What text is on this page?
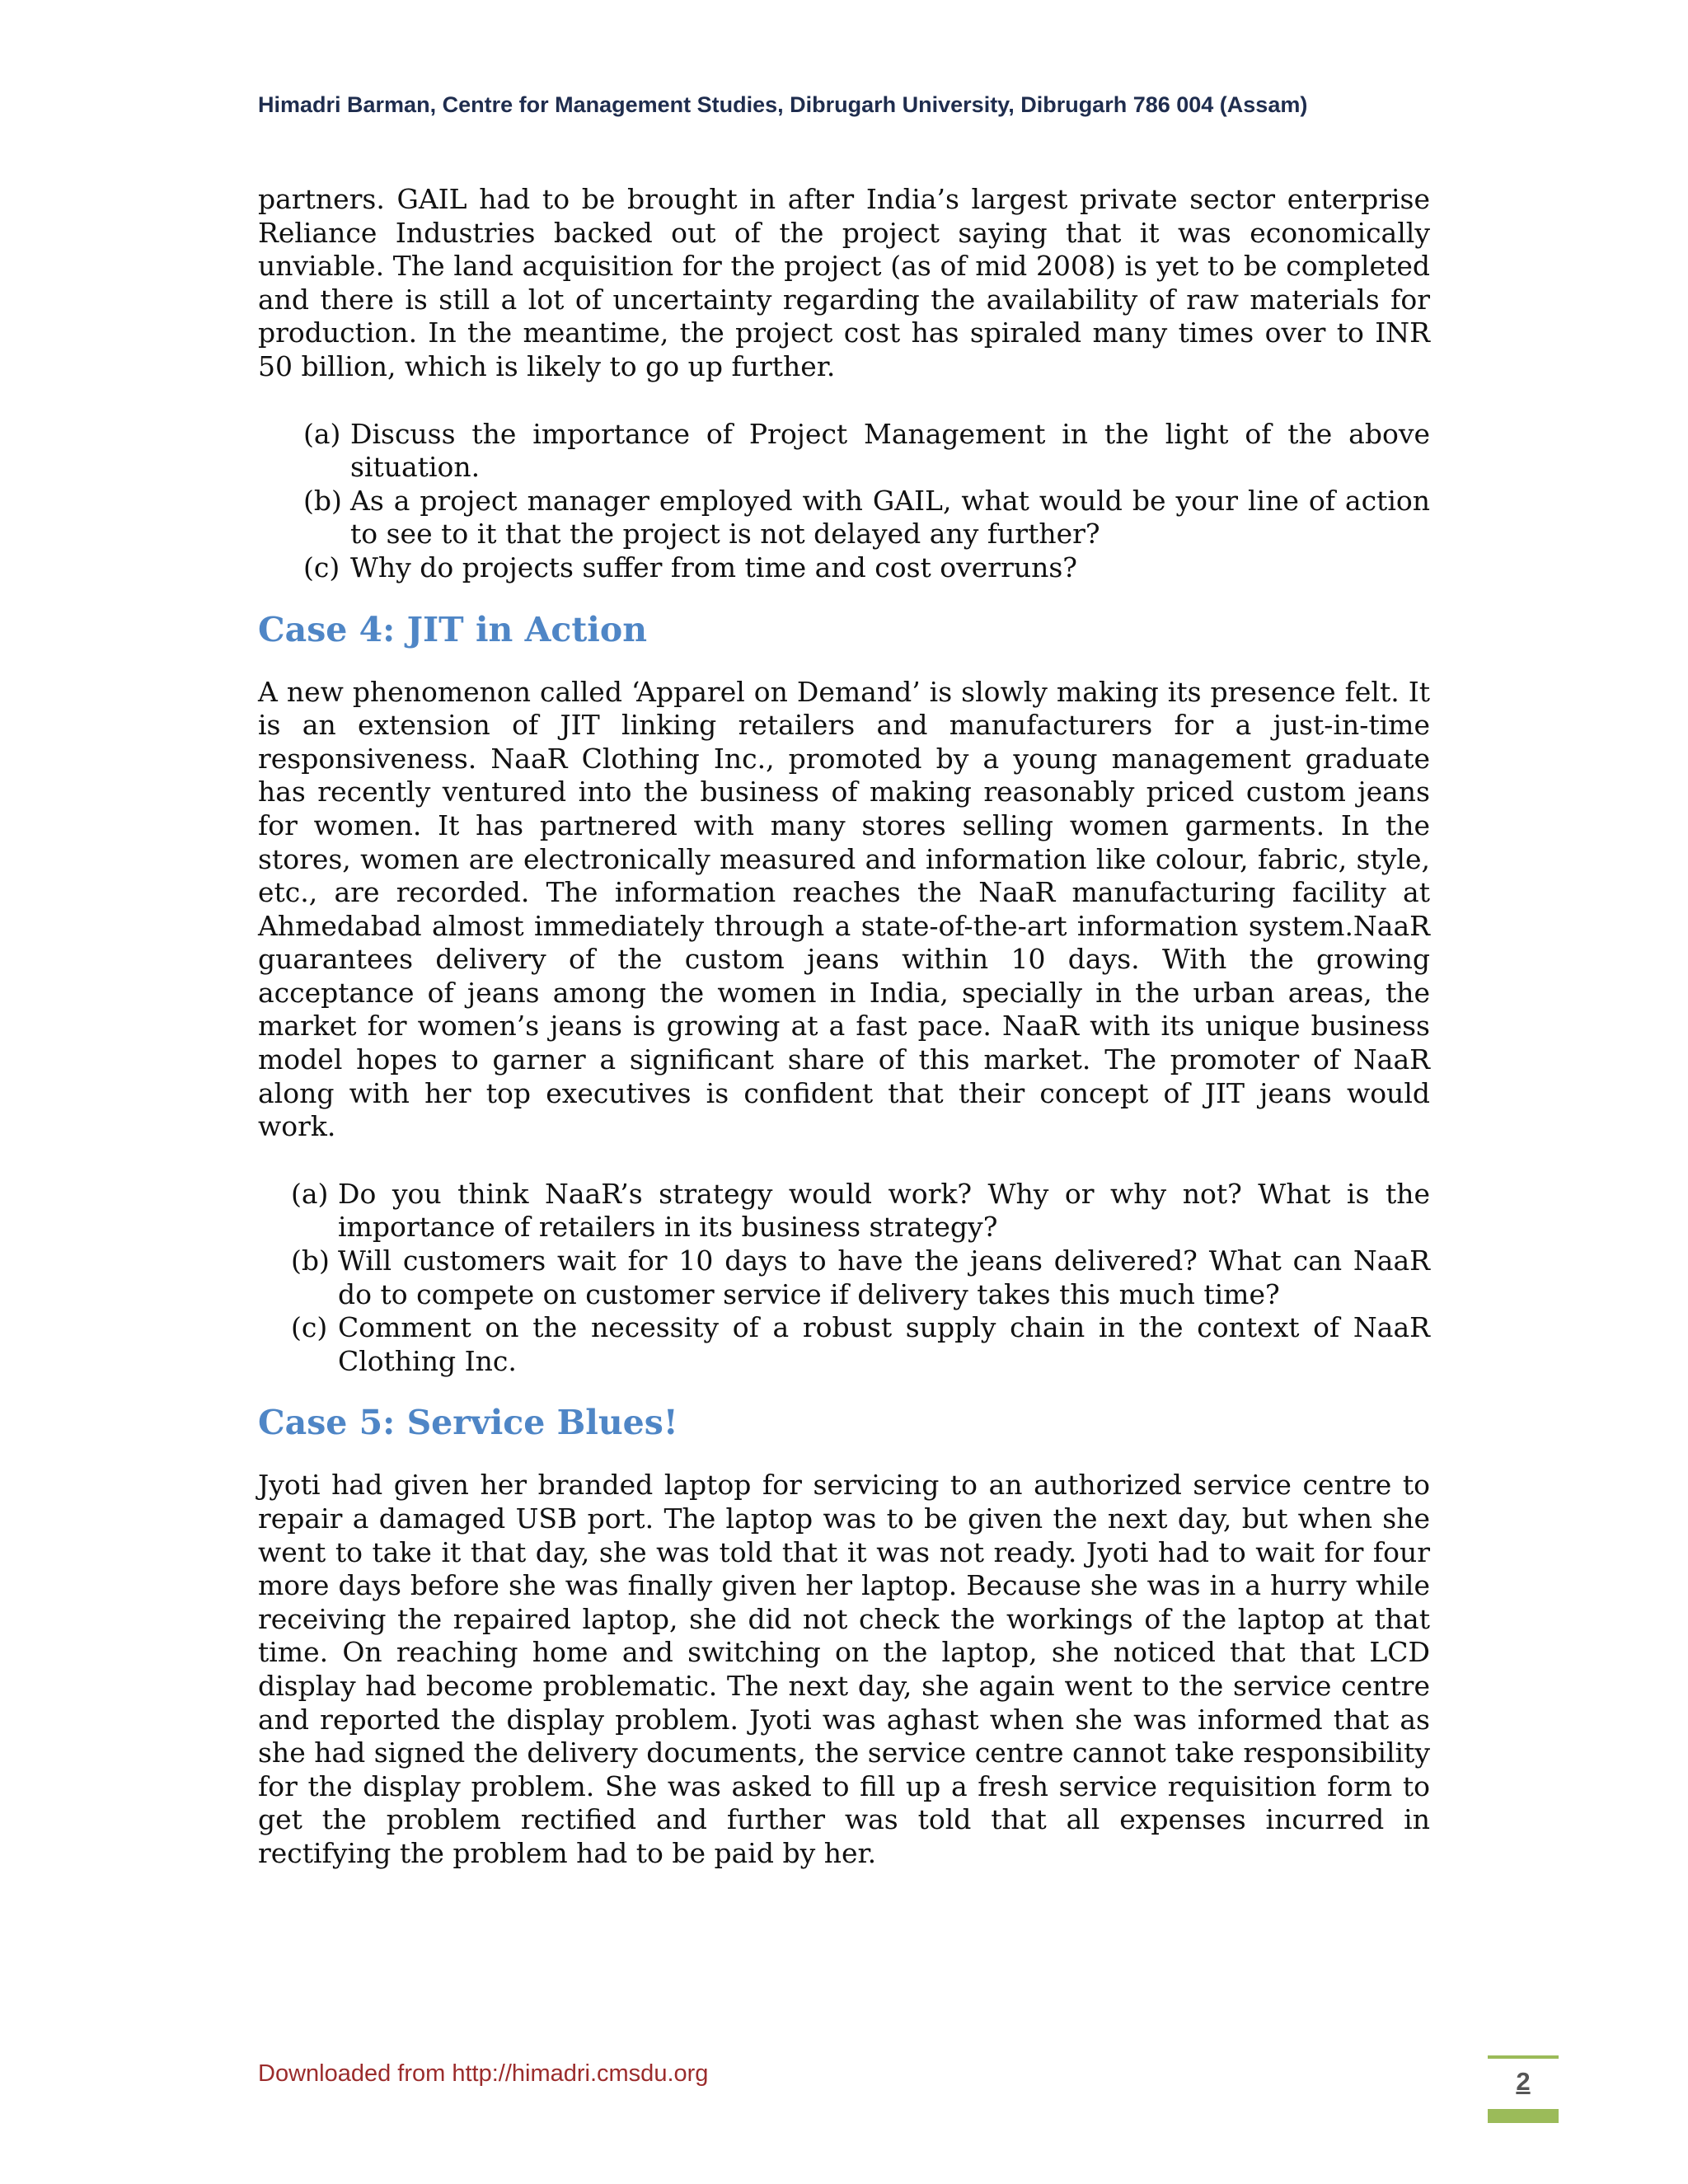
Himadri Barman, Centre for Management Studies, Dibrugarh University, Dibrugarh 786 004 (Assam)

partners. GAIL had to be brought in after India’s largest private sector enterprise Reliance Industries backed out of the project saying that it was economically unviable. The land acquisition for the project (as of mid 2008) is yet to be completed and there is still a lot of uncertainty regarding the availability of raw materials for production. In the meantime, the project cost has spiraled many times over to INR 50 billion, which is likely to go up further.

(a) Discuss the importance of Project Management in the light of the above situation.
(b) As a project manager employed with GAIL, what would be your line of action to see to it that the project is not delayed any further?
(c) Why do projects suffer from time and cost overruns?
Case 4: JIT in Action

A new phenomenon called ‘Apparel on Demand’ is slowly making its presence felt. It is an extension of JIT linking retailers and manufacturers for a just-in-time responsiveness. NaaR Clothing Inc., promoted by a young management graduate has recently ventured into the business of making reasonably priced custom jeans for women. It has partnered with many stores selling women garments. In the stores, women are electronically measured and information like colour, fabric, style, etc., are recorded. The information reaches the NaaR manufacturing facility at Ahmedabad almost immediately through a state-of-the-art information system.NaaR guarantees delivery of the custom jeans within 10 days. With the growing acceptance of jeans among the women in India, specially in the urban areas, the market for women’s jeans is growing at a fast pace. NaaR with its unique business model hopes to garner a significant share of this market. The promoter of NaaR along with her top executives is confident that their concept of JIT jeans would work.

(a) Do you think NaaR’s strategy would work? Why or why not? What is the importance of retailers in its business strategy?
(b) Will customers wait for 10 days to have the jeans delivered? What can NaaR do to compete on customer service if delivery takes this much time?
(c) Comment on the necessity of a robust supply chain in the context of NaaR Clothing Inc.
Case 5: Service Blues!

Jyoti had given her branded laptop for servicing to an authorized service centre to repair a damaged USB port. The laptop was to be given the next day, but when she went to take it that day, she was told that it was not ready. Jyoti had to wait for four more days before she was finally given her laptop. Because she was in a hurry while receiving the repaired laptop, she did not check the workings of the laptop at that time. On reaching home and switching on the laptop, she noticed that that LCD display had become problematic. The next day, she again went to the service centre and reported the display problem. Jyoti was aghast when she was informed that as she had signed the delivery documents, the service centre cannot take responsibility for the display problem. She was asked to fill up a fresh service requisition form to get the problem rectified and further was told that all expenses incurred in rectifying the problem had to be paid by her.

Downloaded from http://himadri.cmsdu.org	2
